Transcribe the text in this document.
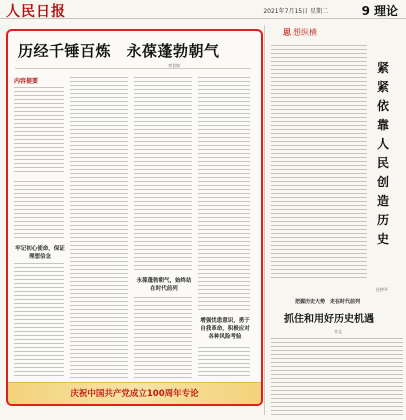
人民日报	2021年7月15日 星期二	9 理论
历经千锤百炼　永葆蓬勃朝气
李君如
内容提要
牢记初心使命，保证理想信念
永葆蓬勃朝气，始终站在时代前列
增强忧患意识，勇于自我革命，积极应对各种风险考验
庆祝中国共产党成立100周年专论
思 想纵横
紧紧依靠人民创造历史
任仲平
把握历史大势　走在时代前列
抓住和用好历史机遇
辛文
